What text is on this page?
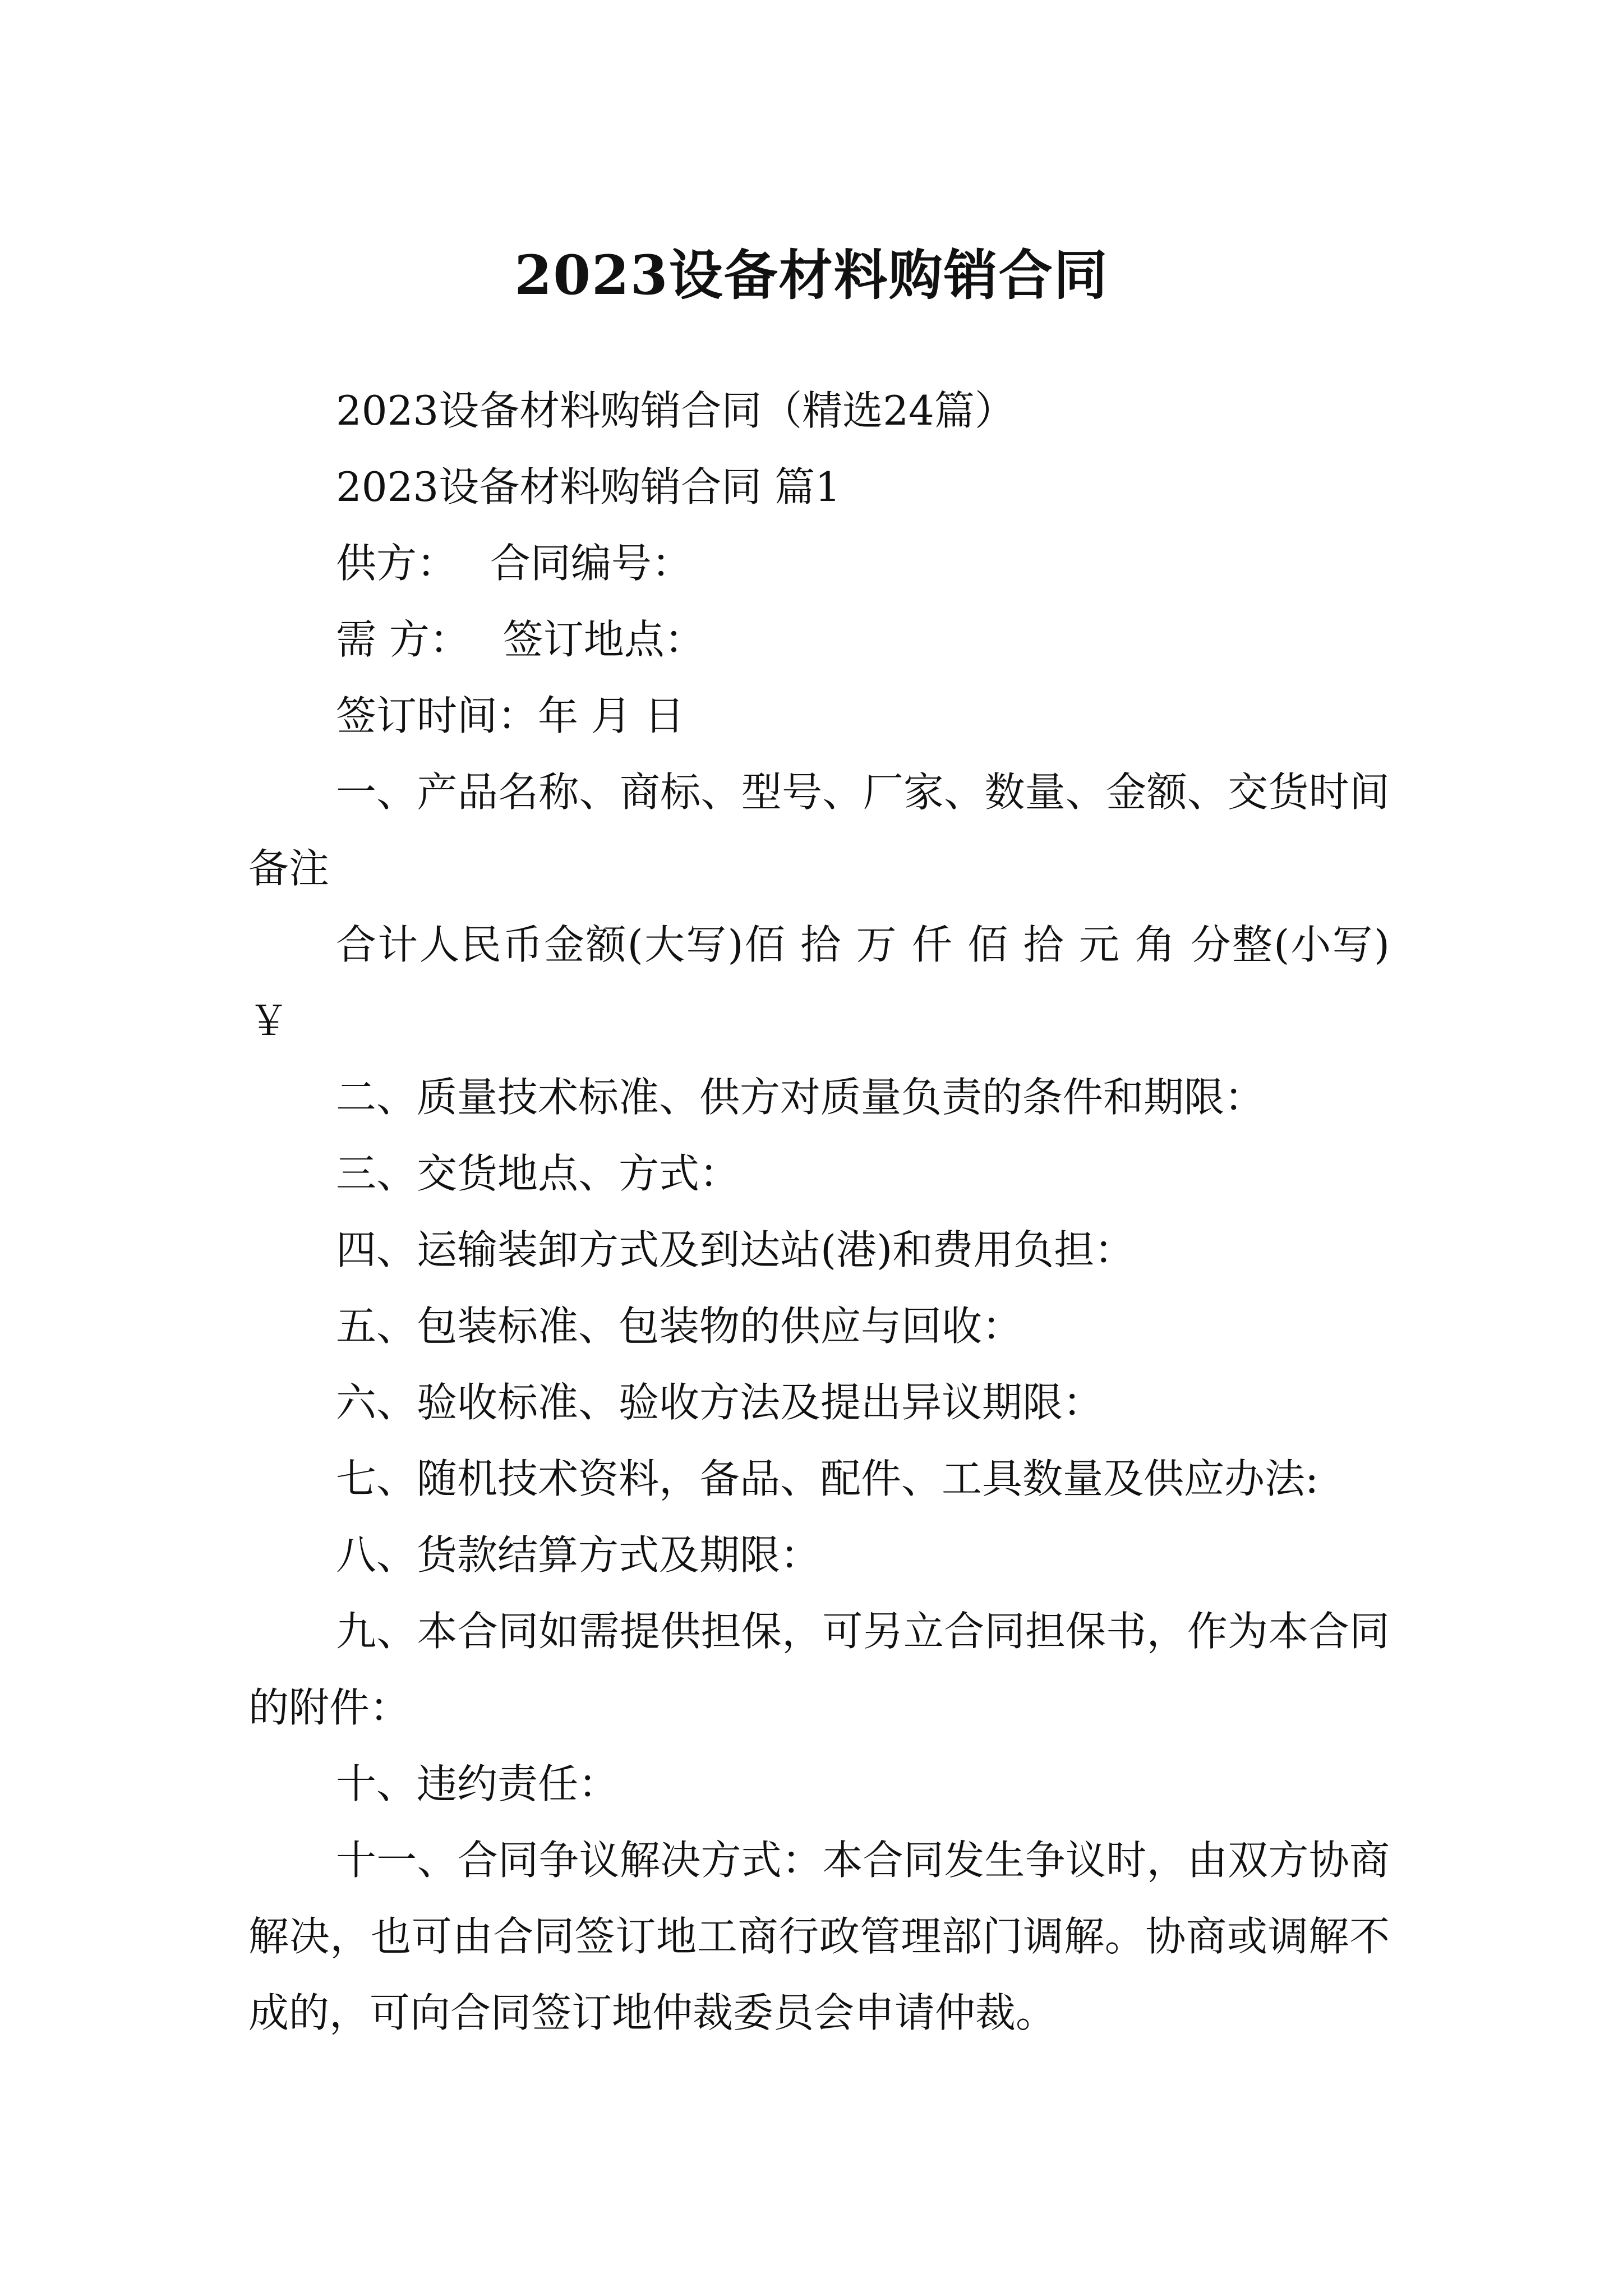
2023设备材料购销合同

2023设备材料购销合同（精选24篇）

2023设备材料购销合同 篇1

供方：　 合同编号：

需 方：　 签订地点：

签订时间：年 月 日

一、产品名称、商标、型号、厂家、数量、金额、交货时间备注

合计人民币金额(大写)佰 拾 万 仟 佰 拾 元 角 分整(小写)￥

二、质量技术标准、供方对质量负责的条件和期限：

三、交货地点、方式：

四、运输装卸方式及到达站(港)和费用负担：

五、包装标准、包装物的供应与回收：

六、验收标准、验收方法及提出异议期限：

七、随机技术资料，备品、配件、工具数量及供应办法:

八、货款结算方式及期限：

九、本合同如需提供担保，可另立合同担保书，作为本合同的附件：

十、违约责任：

十一、合同争议解决方式：本合同发生争议时，由双方协商解决，也可由合同签订地工商行政管理部门调解。协商或调解不成的，可向合同签订地仲裁委员会申请仲裁。
